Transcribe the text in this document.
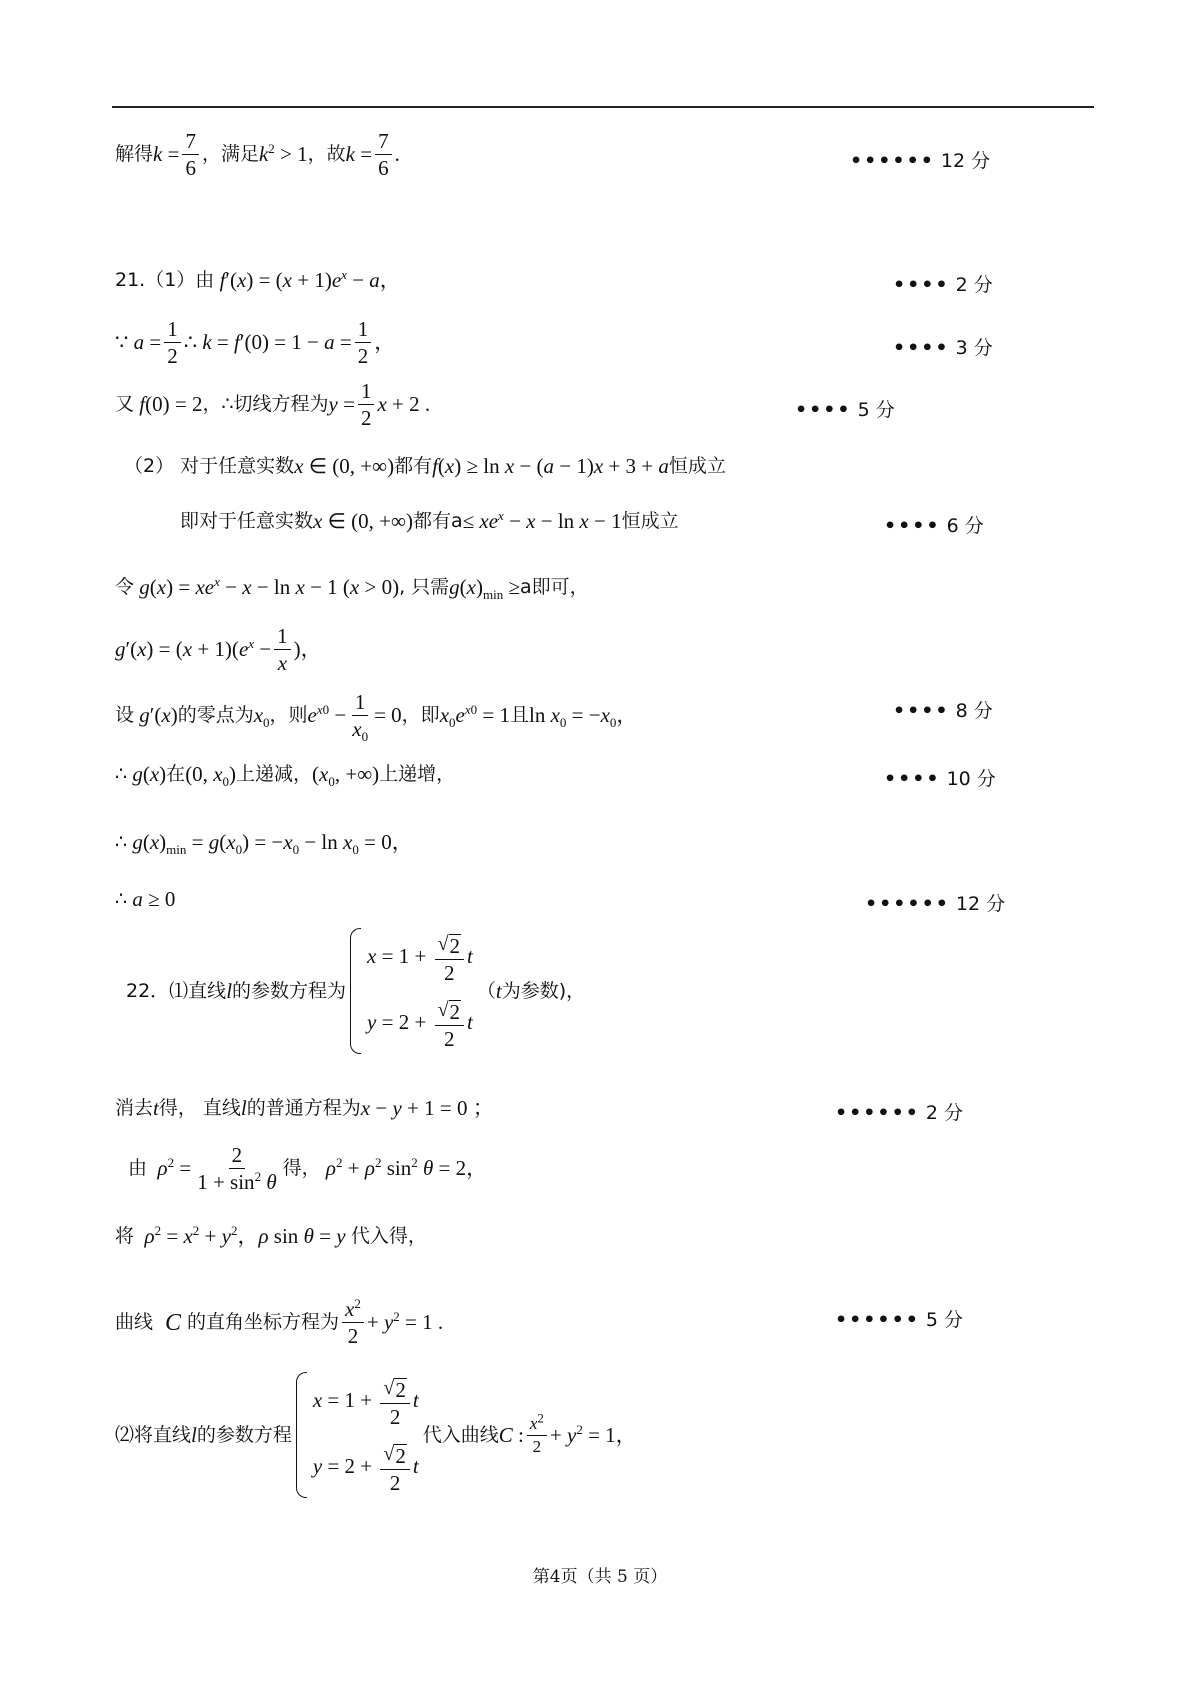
解得 $k = \frac{7}{6}$ ，满足 $k^2 > 1$ ，故 $k = \frac{7}{6}$ .	•••••• 12 分
21.（1）由 $f'(x) = (x + 1)e^x - a$，	•••• 2 分
∵ $a = \frac{1}{2}$ ∴ $k = f'(0) = 1 - a = \frac{1}{2}$ ，	•••• 3 分
又 f(0) = 2 ，∴切线方程为 $y = \frac{1}{2}$ x + 2 .	•••• 5 分
（2） 对于任意实数 x ∈ (0, +∞) 都有 f(x) ≥ ln x − (a − 1)x + 3 + a 恒成立
即对于任意实数 x ∈ (0, +∞) 都有$a \le xe^x - x - \ln x - 1$ 恒成立	•••• 6 分
令 $g(x) = xe^x - x - \ln x - 1$ (x > 0) , 只需 $g(x)_{min} \ge a$即可，
$g'(x) = (x + 1)(e^x - \frac{1}{x}$ )，
设 g′(x) 的零点为 $x_0$ ，则 $e^{x0} - \frac{1}{x_0} = 0$ ，即 $x_0e^{x0} = 1$ 且 $\ln x_0 = -x_0$，	•••• 8 分
∴ g(x) 在 (0, $x_0$) 上递减， ($x_0$, +∞) 上递增，	•••• 10 分
∴ $g(x)_{min} = g(x_0) = -x_0 - \ln x_0 = 0$，
∴ a ≥ 0	•••••• 12 分
22．⑴直线 l 的参数方程为
$x = 1 + \frac{√ 2}{2}$ t
$y = 2 + \frac{√ 2}{2}$ t
（ t 为参数)，
消去 t 得， 直线 l 的普通方程为 x − y + 1 = 0 ；	•••••• 2 分
由 $\rho^2 = \frac{2}{1 + \sin^2 \theta}$ 得， $\rho^2 + \rho^2$ $\sin^2 \theta = 2$，
将 $\rho^2 = x^2 + y^2$，ρ sin θ = y 代入得，
曲线 C 的直角坐标方程为 $\frac{x^2}{2} + y^2 = 1$ .	•••••• 5 分
⑵将直线 l 的参数方程
$x = 1 + \frac{√ 2}{2}$ t
$y = 2 + \frac{√ 2}{2}$ t
代入曲线 C : $\frac{x^2}{2} + y^2 = 1$，
第4页（共 5 页）
